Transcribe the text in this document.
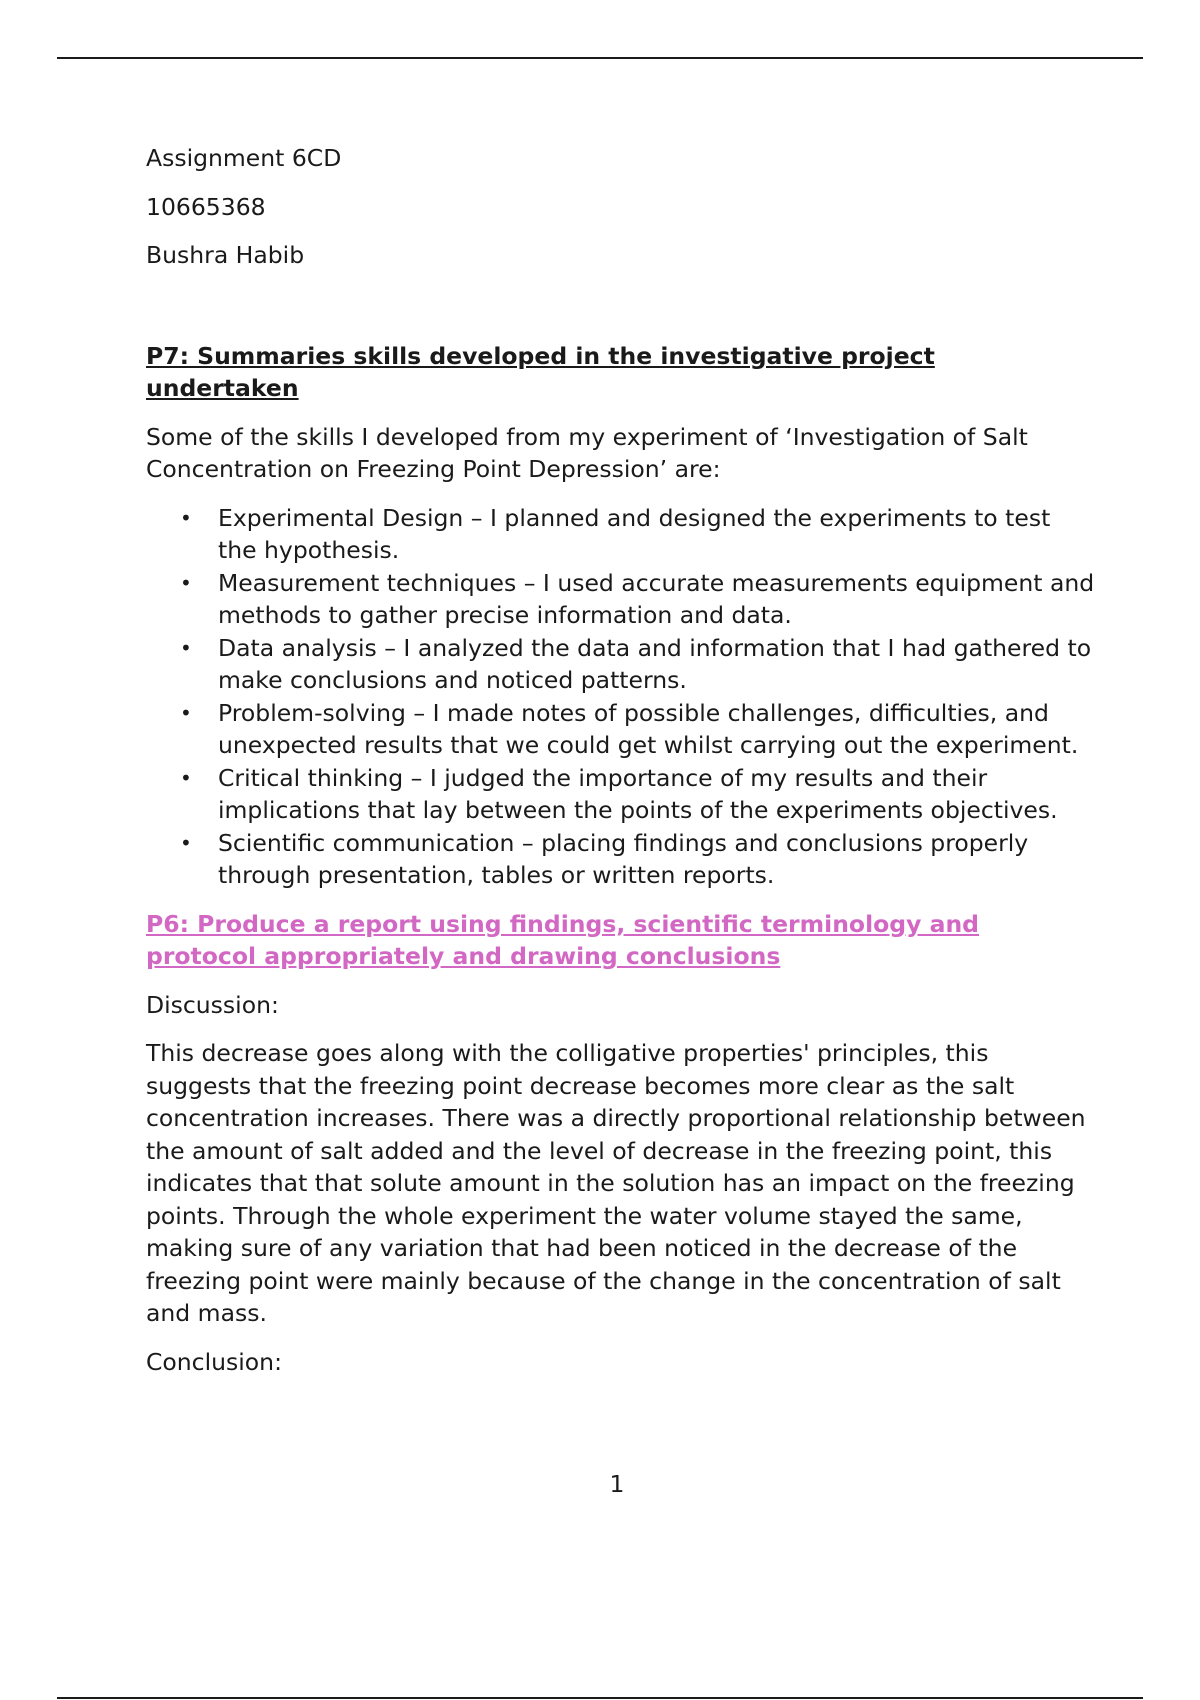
Assignment 6CD

10665368

Bushra Habib

P7: Summaries skills developed in the investigative project undertaken

Some of the skills I developed from my experiment of ‘Investigation of Salt Concentration on Freezing Point Depression’ are:

• Experimental Design – I planned and designed the experiments to test the hypothesis.
• Measurement techniques – I used accurate measurements equipment and methods to gather precise information and data.
• Data analysis – I analyzed the data and information that I had gathered to make conclusions and noticed patterns.
• Problem-solving – I made notes of possible challenges, difficulties, and unexpected results that we could get whilst carrying out the experiment.
• Critical thinking – I judged the importance of my results and their implications that lay between the points of the experiments objectives.
• Scientific communication – placing findings and conclusions properly through presentation, tables or written reports.

P6: Produce a report using findings, scientific terminology and protocol appropriately and drawing conclusions

Discussion:

This decrease goes along with the colligative properties' principles, this suggests that the freezing point decrease becomes more clear as the salt concentration increases. There was a directly proportional relationship between the amount of salt added and the level of decrease in the freezing point, this indicates that that solute amount in the solution has an impact on the freezing points. Through the whole experiment the water volume stayed the same, making sure of any variation that had been noticed in the decrease of the freezing point were mainly because of the change in the concentration of salt and mass.

Conclusion:

1
